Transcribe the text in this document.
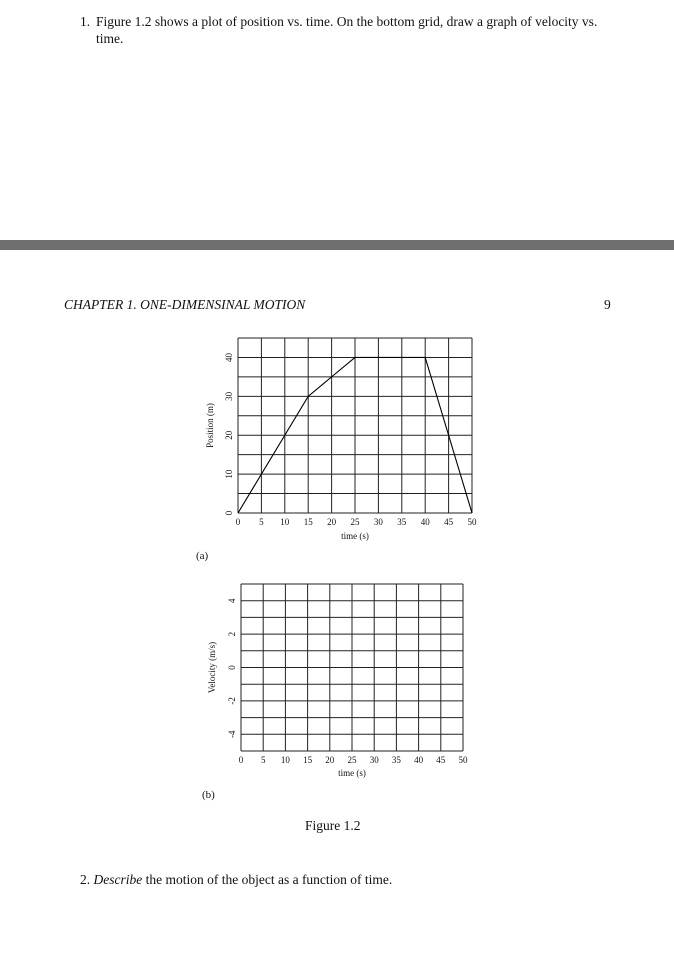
1. Figure 1.2 shows a plot of position vs. time. On the bottom grid, draw a graph of velocity vs. time.
CHAPTER 1. ONE-DIMENSINAL MOTION	9
0 5 10 15 20 25 30 35 40 45 50
0
10
20
30
40
time (s)
Position (m)
0 5 10 15 20 25 30 35 40 45 50
4
2
0
-2
-4
time (s)
Velocity (m/s)
(a)
(b)
Figure 1.2
2. Describe the motion of the object as a function of time.
